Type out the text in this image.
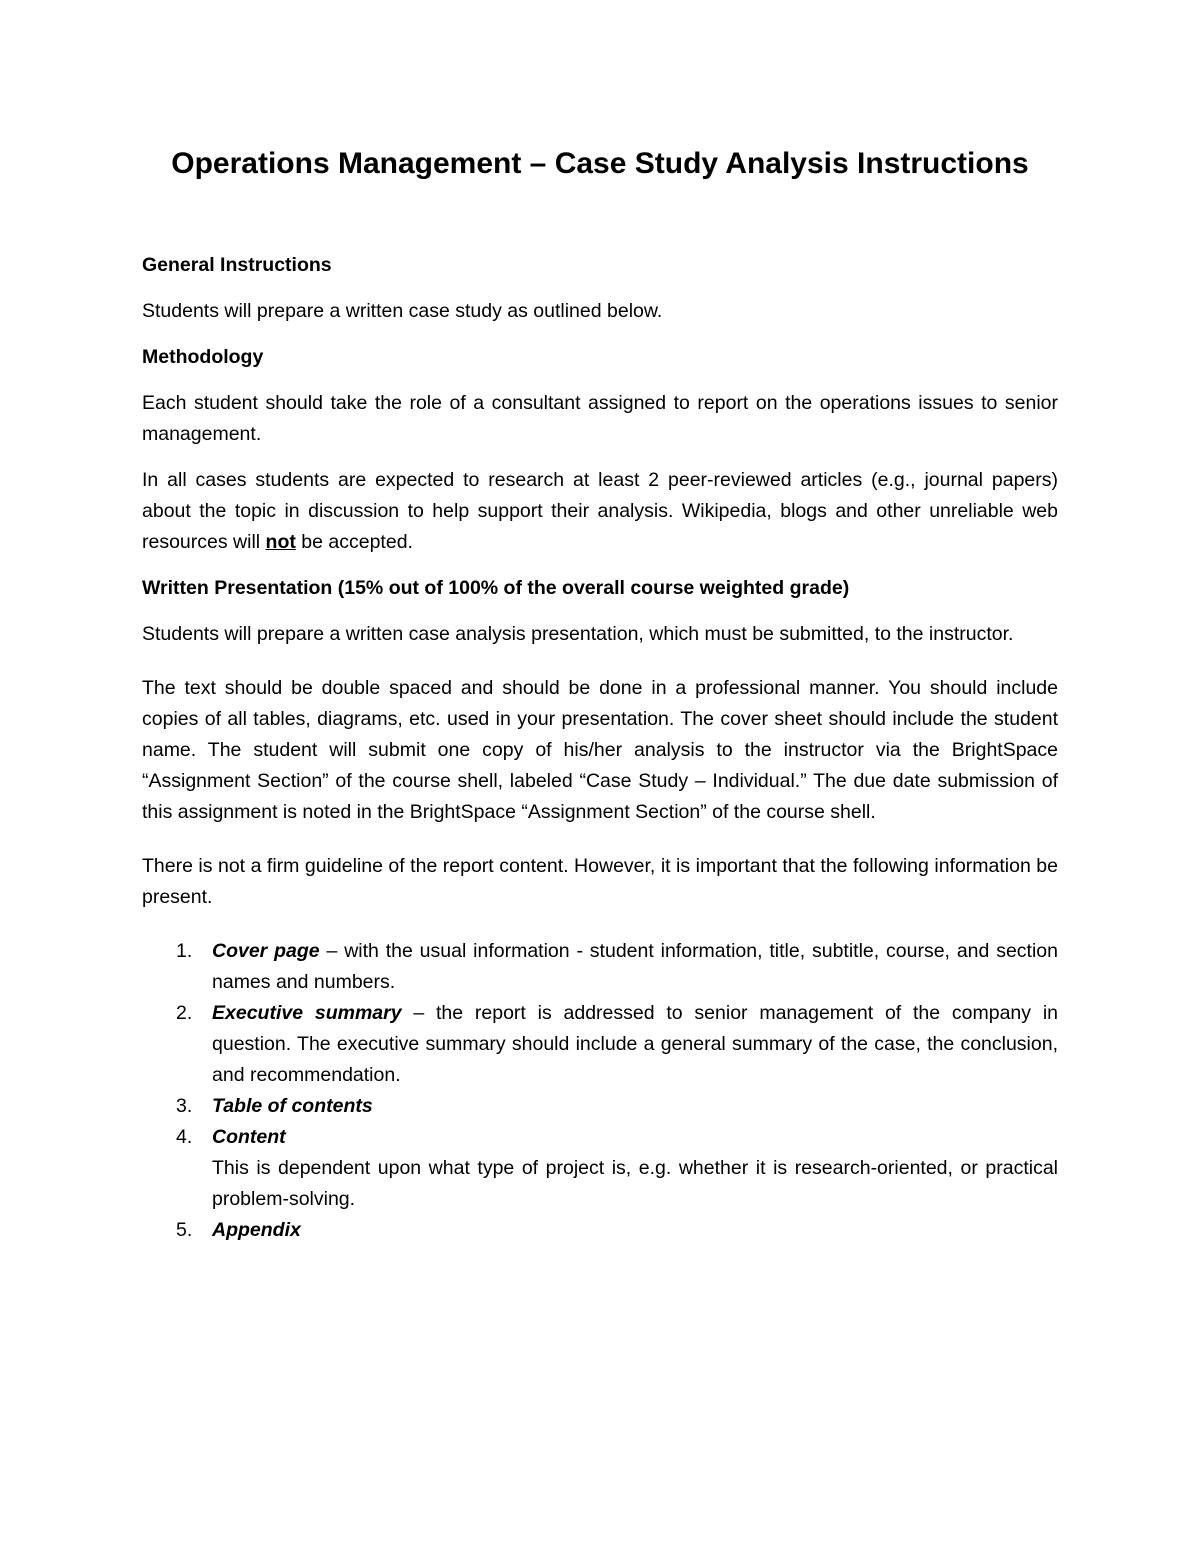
Operations Management – Case Study Analysis Instructions
General Instructions

Students will prepare a written case study as outlined below.

Methodology

Each student should take the role of a consultant assigned to report on the operations issues to senior management.

In all cases students are expected to research at least 2 peer-reviewed articles (e.g., journal papers) about the topic in discussion to help support their analysis. Wikipedia, blogs and other unreliable web resources will not be accepted.

Written Presentation (15% out of 100% of the overall course weighted grade)

Students will prepare a written case analysis presentation, which must be submitted, to the instructor.

The text should be double spaced and should be done in a professional manner. You should include copies of all tables, diagrams, etc. used in your presentation. The cover sheet should include the student name. The student will submit one copy of his/her analysis to the instructor via the BrightSpace “Assignment Section” of the course shell, labeled “Case Study – Individual.” The due date submission of this assignment is noted in the BrightSpace “Assignment Section” of the course shell.

There is not a firm guideline of the report content. However, it is important that the following information be present.

1. Cover page – with the usual information - student information, title, subtitle, course, and section names and numbers.
2. Executive summary – the report is addressed to senior management of the company in question. The executive summary should include a general summary of the case, the conclusion, and recommendation.
3. Table of contents
4. Content
This is dependent upon what type of project is, e.g. whether it is research-oriented, or practical problem-solving.
5. Appendix
